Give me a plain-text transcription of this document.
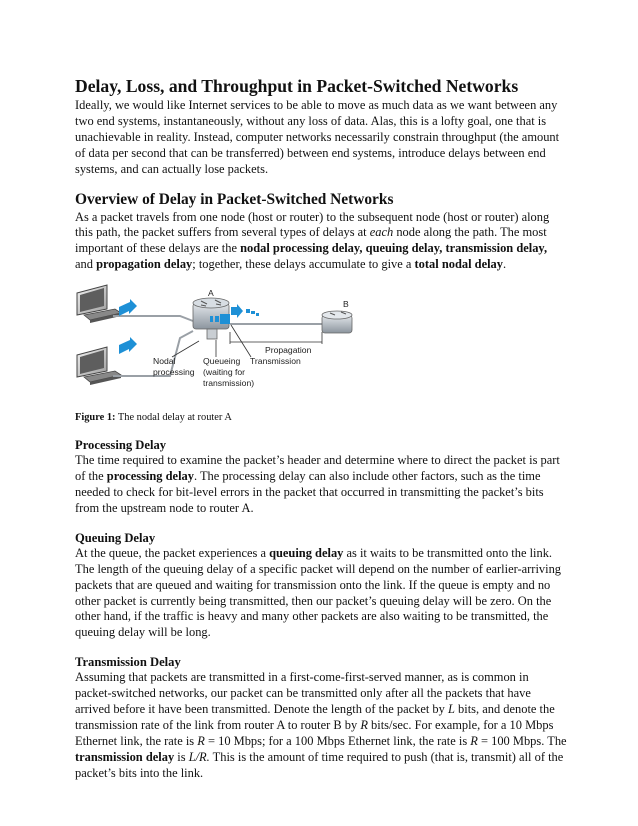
Delay, Loss, and Throughput in Packet-Switched Networks

Ideally, we would like Internet services to be able to move as much data as we want between any two end systems, instantaneously, without any loss of data. Alas, this is a lofty goal, one that is unachievable in reality. Instead, computer networks necessarily constrain throughput (the amount of data per second that can be transferred) between end systems, introduce delays between end systems, and can actually lose packets.

Overview of Delay in Packet-Switched Networks

As a packet travels from one node (host or router) to the subsequent node (host or router) along this path, the packet suffers from several types of delays at each node along the path. The most important of these delays are the nodal processing delay, queuing delay, transmission delay, and propagation delay; together, these delays accumulate to give a total nodal delay.

A
B
Propagation
Nodal
processing
Queueing
(waiting for
transmission)
Transmission
Figure 1: The nodal delay at router A
Processing Delay

The time required to examine the packet’s header and determine where to direct the packet is part of the processing delay. The processing delay can also include other factors, such as the time needed to check for bit-level errors in the packet that occurred in transmitting the packet’s bits from the upstream node to router A.

Queuing Delay

At the queue, the packet experiences a queuing delay as it waits to be transmitted onto the link. The length of the queuing delay of a specific packet will depend on the number of earlier-arriving packets that are queued and waiting for transmission onto the link. If the queue is empty and no other packet is currently being transmitted, then our packet’s queuing delay will be zero. On the other hand, if the traffic is heavy and many other packets are also waiting to be transmitted, the queuing delay will be long.

Transmission Delay

Assuming that packets are transmitted in a first-come-first-served manner, as is common in packet-switched networks, our packet can be transmitted only after all the packets that have arrived before it have been transmitted. Denote the length of the packet by L bits, and denote the transmission rate of the link from router A to router B by R bits/sec. For example, for a 10 Mbps Ethernet link, the rate is R = 10 Mbps; for a 100 Mbps Ethernet link, the rate is R = 100 Mbps. The transmission delay is L/R. This is the amount of time required to push (that is, transmit) all of the packet’s bits into the link.
